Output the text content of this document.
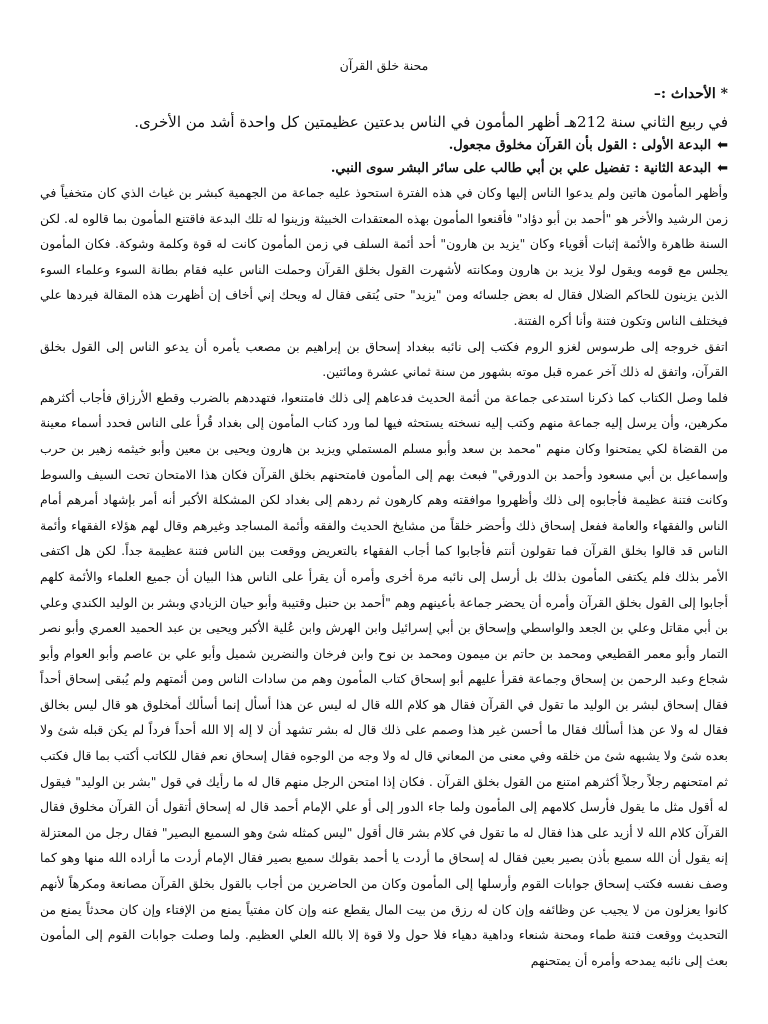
محنة خلق القرآن

* الأحداث :–

في ربيع الثاني سنة 212هـ أظهر المأمون في الناس بدعتين عظيمتين كل واحدة أشد من الأخرى.

⬅البدعة الأولى : القول بأن القرآن مخلوق مجعول.

⬅البدعة الثانية : تفضيل علي بن أبي طالب على سائر البشر سوى النبي.

وأظهر المأمون هاتين ولم يدعوا الناس إليها وكان في هذه الفترة استحوذ عليه جماعة من الجهمية كبشر بن غياث الذي كان متخفياً في زمن الرشيد والأخر هو "أحمد بن أبو دؤاد" فأقنعوا المأمون بهذه المعتقدات الخبيثة وزينوا له تلك البدعة فاقتنع المأمون بما قالوه له. لكن السنة ظاهرة والأئمة إثبات أقوياء وكان "يزيد بن هارون" أحد أئمة السلف في زمن المأمون كانت له قوة وكلمة وشوكة. فكان المأمون يجلس مع قومه ويقول لولا يزيد بن هارون ومكانته لأشهرت القول بخلق القرآن وحملت الناس عليه فقام بطانة السوء وعلماء السوء الذين يزينون للحاكم الضلال فقال له بعض جلسائه ومن "يزيد" حتى يُتقى فقال له ويحك إني أخاف إن أظهرت هذه المقالة فيردها علي فيختلف الناس وتكون فتنة وأنا أكره الفتنة.

اتفق خروجه إلى طرسوس لغزو الروم فكتب إلى نائبه ببغداد إسحاق بن إبراهيم بن مصعب يأمره أن يدعو الناس إلى القول بخلق القرآن، واتفق له ذلك آخر عمره قبل موته بشهور من سنة ثماني عشرة ومائتين.

فلما وصل الكتاب كما ذكرنا استدعى جماعة من أئمة الحديث فدعاهم إلى ذلك فامتنعوا، فتهددهم بالضرب وقطع الأرزاق فأجاب أكثرهم مكرهين، وأن يرسل إليه جماعة منهم وكتب إليه نسخته يستحثه فيها لما ورد كتاب المأمون إلى بغداد قُرأ على الناس فحدد أسماء معينة من القضاة لكي يمتحنوا وكان منهم "محمد بن سعد وأبو مسلم المستملي ويزيد بن هارون ويحيى بن معين وأبو خيثمه زهير بن حرب وإسماعيل بن أبي مسعود وأحمد بن الدورقي" فبعث بهم إلى المأمون فامتحنهم بخلق القرآن فكان هذا الامتحان تحت السيف والسوط وكانت فتنة عظيمة فأجابوه إلى ذلك وأظهروا موافقته وهم كارهون ثم ردهم إلى بغداد لكن المشكلة الأكبر أنه أمر بإشهاد أمرهم أمام الناس والفقهاء والعامة ففعل إسحاق ذلك وأحضر خلقاً من مشايخ الحديث والفقه وأئمة المساجد وغيرهم وقال لهم هؤلاء الفقهاء وأئمة الناس قد قالوا بخلق القرآن فما تقولون أنتم فأجابوا كما أجاب الفقهاء بالتعريض ووقعت بين الناس فتنة عظيمة جداً. لكن هل اكتفى الأمر بذلك فلم يكتفى المأمون بذلك بل أرسل إلى نائبه مرة أخرى وأمره أن يقرأ على الناس هذا البيان أن جميع العلماء والأئمة كلهم أجابوا إلى القول بخلق القرآن وأمره أن يحضر جماعة بأعينهم وهم "أحمد بن حنبل وقتيبة وأبو حيان الزيادي وبشر بن الوليد الكندي وعلي بن أبي مقاتل وعلي بن الجعد والواسطي وإسحاق بن أبي إسرائيل وابن الهرش وابن عُلية الأكبر ويحيى بن عبد الحميد العمري وأبو نصر التمار وأبو معمر القطيعي ومحمد بن حاتم بن ميمون ومحمد بن نوح وابن فرخان والنضرين شميل وأبو علي بن عاصم وأبو العوام وأبو شجاع وعبد الرحمن بن إسحاق وجماعة فقرأ عليهم أبو إسحاق كتاب المأمون وهم من سادات الناس ومن أئمتهم ولم يُبقى إسحاق أحداً فقال إسحاق لبشر بن الوليد ما تقول في القرآن فقال هو كلام الله قال له ليس عن هذا أسأل إنما أسألك أمخلوق هو قال ليس بخالق فقال له ولا عن هذا أسألك فقال ما أحسن غير هذا وصمم على ذلك قال له بشر تشهد أن لا إله إلا الله أحداً فرداً لم يكن قبله شئ ولا بعده شئ ولا يشبهه شئ من خلقه وفي معنى من المعاني قال له ولا وجه من الوجوه فقال إسحاق نعم فقال للكاتب أكتب بما قال فكتب ثم امتحنهم رجلاً رجلاً أكثرهم امتنع من القول بخلق القرآن . فكان إذا امتحن الرجل منهم قال له ما رأيك في قول "بشر بن الوليد" فيقول له أقول مثل ما يقول فأرسل كلامهم إلى المأمون ولما جاء الدور إلى أو علي الإمام أحمد قال له إسحاق أتقول أن القرآن مخلوق فقال القرآن كلام الله لا أزيد على هذا فقال له ما تقول في كلام بشر قال أقول "ليس كمثله شئ وهو السميع البصير" فقال رجل من المعتزلة إنه يقول أن الله سميع بأذن بصير بعين فقال له إسحاق ما أردت يا أحمد بقولك سميع بصير فقال الإمام أردت ما أراده الله منها وهو كما وصف نفسه فكتب إسحاق جوابات القوم وأرسلها إلى المأمون وكان من الحاضرين من أجاب بالقول بخلق القرآن مصانعة ومكرهاً لأنهم كانوا يعزلون من لا يجيب عن وظائفه وإن كان له رزق من بيت المال يقطع عنه وإن كان مفتياً يمنع من الإفتاء وإن كان محدثاً يمنع من التحديث ووقعت فتنة طماء ومحنة شنعاء وداهية دهياء فلا حول ولا قوة إلا بالله العلي العظيم. ولما وصلت جوابات القوم إلى المأمون بعث إلى نائبه يمدحه وأمره أن يمتحنهم
